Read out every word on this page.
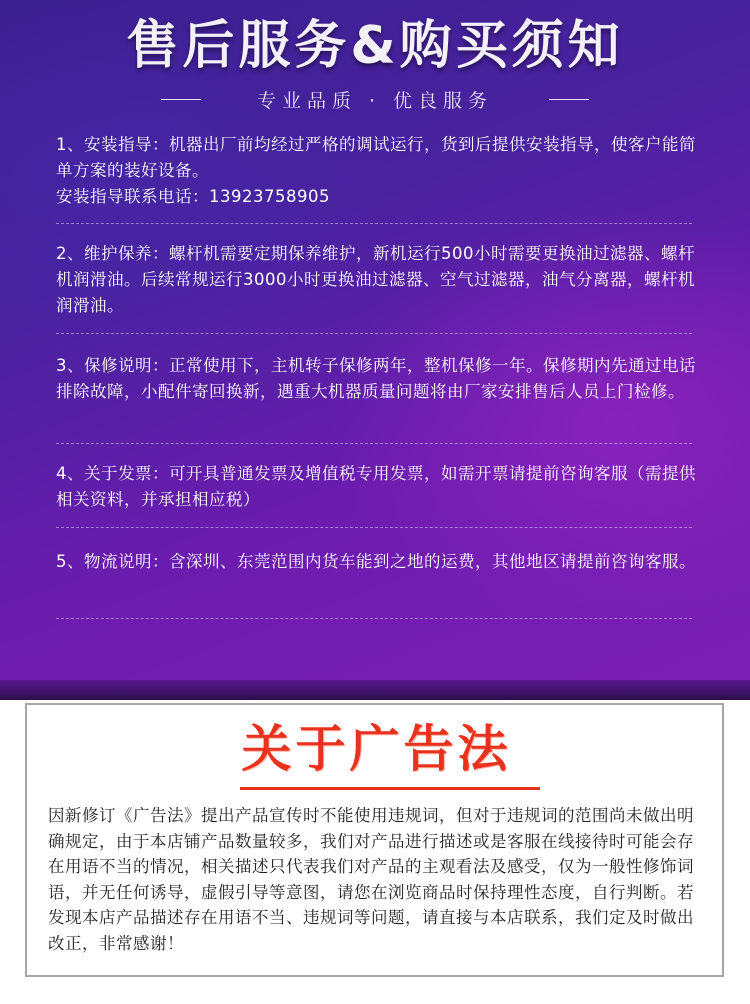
售后服务&购买须知
专业品质 · 优良服务

1、安装指导：机器出厂前均经过严格的调试运行，货到后提供安装指导，使客户能简单方案的装好设备。

安装指导联系电话：13923758905

2、维护保养：螺杆机需要定期保养维护，新机运行500小时需要更换油过滤器、螺杆机润滑油。后续常规运行3000小时更换油过滤器、空气过滤器，油气分离器，螺杆机润滑油。

3、保修说明：正常使用下，主机转子保修两年，整机保修一年。保修期内先通过电话排除故障，小配件寄回换新，遇重大机器质量问题将由厂家安排售后人员上门检修。

4、关于发票：可开具普通发票及增值税专用发票，如需开票请提前咨询客服（需提供相关资料，并承担相应税）

5、物流说明：含深圳、东莞范围内货车能到之地的运费，其他地区请提前咨询客服。

关于广告法
因新修订《广告法》提出产品宣传时不能使用违规词，但对于违规词的范围尚未做出明确规定，由于本店铺产品数量较多，我们对产品进行描述或是客服在线接待时可能会存在用语不当的情况，相关描述只代表我们对产品的主观看法及感受，仅为一般性修饰词语，并无任何诱导，虚假引导等意图，请您在浏览商品时保持理性态度，自行判断。若发现本店产品描述存在用语不当、违规词等问题，请直接与本店联系，我们定及时做出改正，非常感谢！
